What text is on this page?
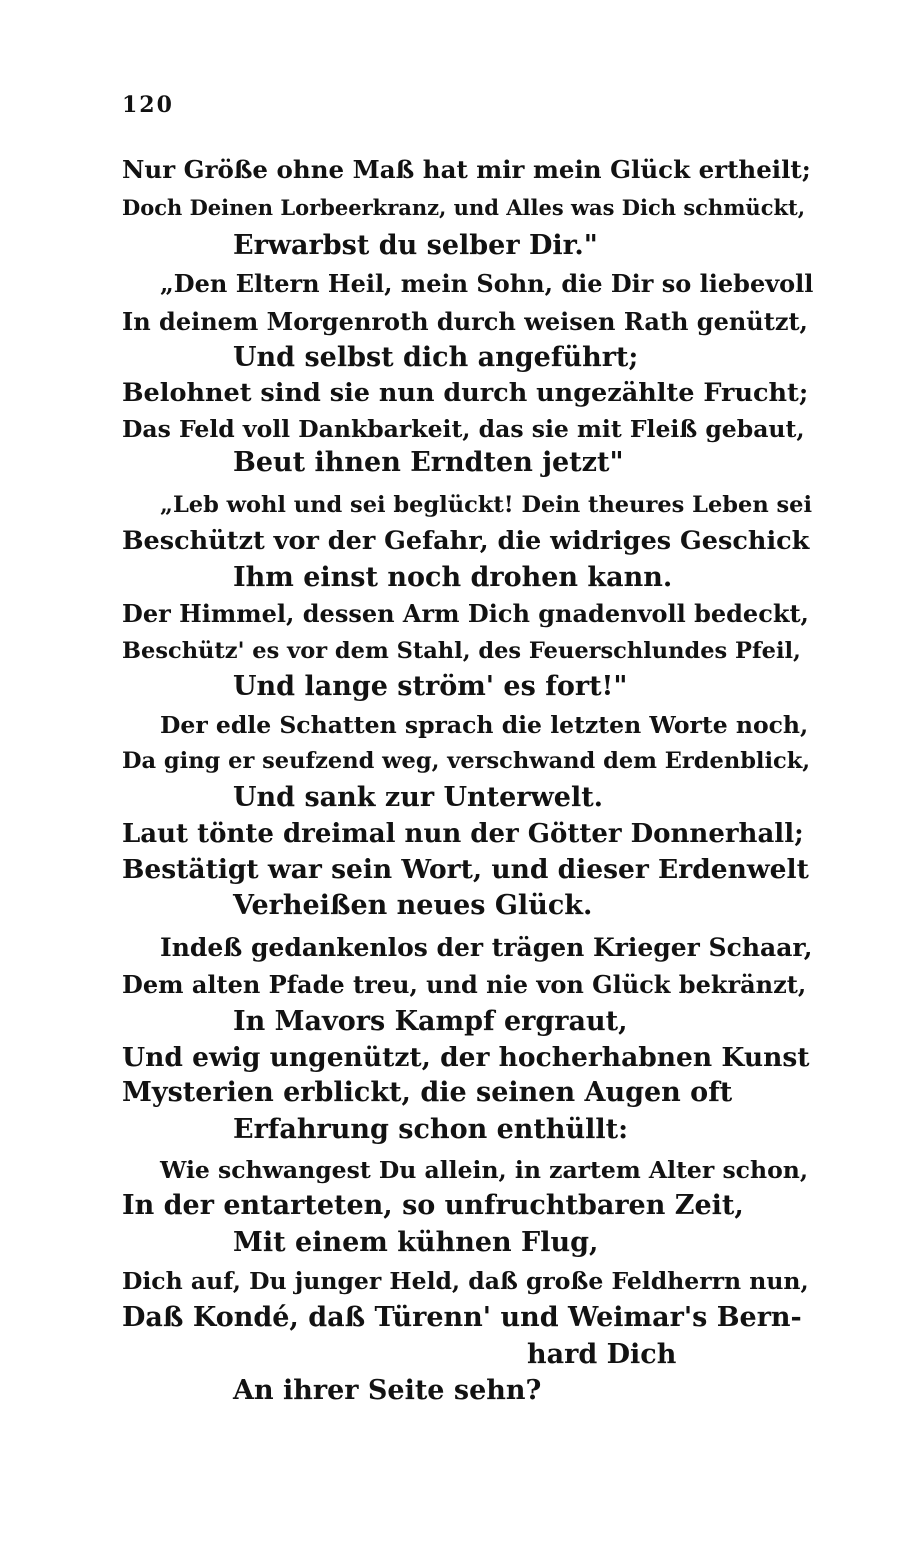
120
Nur Größe ohne Maß hat mir mein Glück ertheilt;
Doch Deinen Lorbeerkranz, und Alles was Dich schmückt,
Erwarbst du selber Dir."
„Den Eltern Heil, mein Sohn, die Dir so liebevoll
In deinem Morgenroth durch weisen Rath genützt,
Und selbst dich angeführt;
Belohnet sind sie nun durch ungezählte Frucht;
Das Feld voll Dankbarkeit, das sie mit Fleiß gebaut,
Beut ihnen Erndten jetzt"
„Leb wohl und sei beglückt! Dein theures Leben sei
Beschützt vor der Gefahr, die widriges Geschick
Ihm einst noch drohen kann.
Der Himmel, dessen Arm Dich gnadenvoll bedeckt,
Beschütz' es vor dem Stahl, des Feuerschlundes Pfeil,
Und lange ström' es fort!"
Der edle Schatten sprach die letzten Worte noch,
Da ging er seufzend weg, verschwand dem Erdenblick,
Und sank zur Unterwelt.
Laut tönte dreimal nun der Götter Donnerhall;
Bestätigt war sein Wort, und dieser Erdenwelt
Verheißen neues Glück.
Indeß gedankenlos der trägen Krieger Schaar,
Dem alten Pfade treu, und nie von Glück bekränzt,
In Mavors Kampf ergraut,
Und ewig ungenützt, der hocherhabnen Kunst
Mysterien erblickt, die seinen Augen oft
Erfahrung schon enthüllt:
Wie schwangest Du allein, in zartem Alter schon,
In der entarteten, so unfruchtbaren Zeit,
Mit einem kühnen Flug,
Dich auf, Du junger Held, daß große Feldherrn nun,
Daß Kondé, daß Türenn' und Weimar's Bern-
hard Dich
An ihrer Seite sehn?
